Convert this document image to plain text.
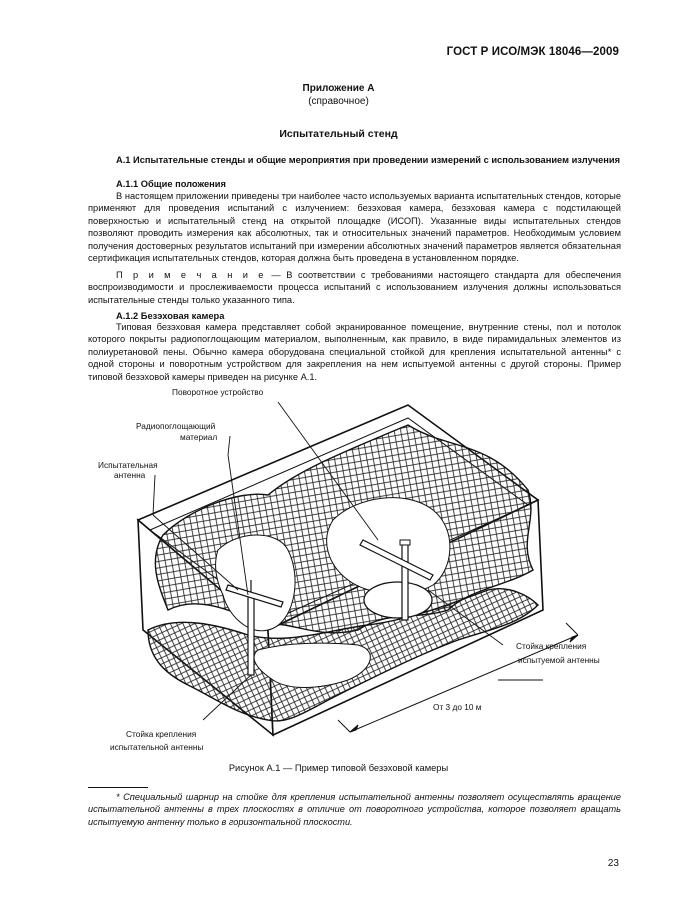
ГОСТ Р ИСО/МЭК 18046—2009
Приложение А
(справочное)
Испытательный стенд

А.1 Испытательные стенды и общие мероприятия при проведении измерений с использованием излучения

А.1.1 Общие положения

В настоящем приложении приведены три наиболее часто используемых варианта испытательных стендов, которые применяют для проведения испытаний с излучением: безэховая камера, безэховая камера с подстилающей поверхностью и испытательный стенд на открытой площадке (ИСОП). Указанные виды испытательных стендов позволяют проводить измерения как абсолютных, так и относительных значений параметров. Необходимым условием получения достоверных результатов испытаний при измерении абсолютных значений параметров является обязательная сертификация испытательных стендов, которая должна быть проведена в установленном порядке.

П р и м е ч а н и е — В соответствии с требованиями настоящего стандарта для обеспечения воспроизводимости и прослеживаемости процесса испытаний с использованием излучения должны использоваться испытательные стенды только указанного типа.

А.1.2 Безэховая камера

Типовая безэховая камера представляет собой экранированное помещение, внутренние стены, пол и потолок которого покрыты радиопоглощающим материалом, выполненным, как правило, в виде пирамидальных элементов из полиуретановой пены. Обычно камера оборудована специальной стойкой для крепления испытательной антенны* с одной стороны и поворотным устройством для закрепления на нем испытуемой антенны с другой стороны. Пример типовой безэховой камеры приведен на рисунке А.1.

Поворотное устройство
Радиопоглощающий
материал
Испытательная
антенна
Стойка крепления
испытуемой антенны
От 3 до 10 м
Стойка крепления
испытательной антенны
Рисунок А.1 — Пример типовой безэховой камеры
* Специальный шарнир на стойке для крепления испытательной антенны позволяет осуществлять вращение испытательной антенны в трех плоскостях в отличие от поворотного устройства, которое позволяет вращать испытуемую антенну только в горизонтальной плоскости.
23
